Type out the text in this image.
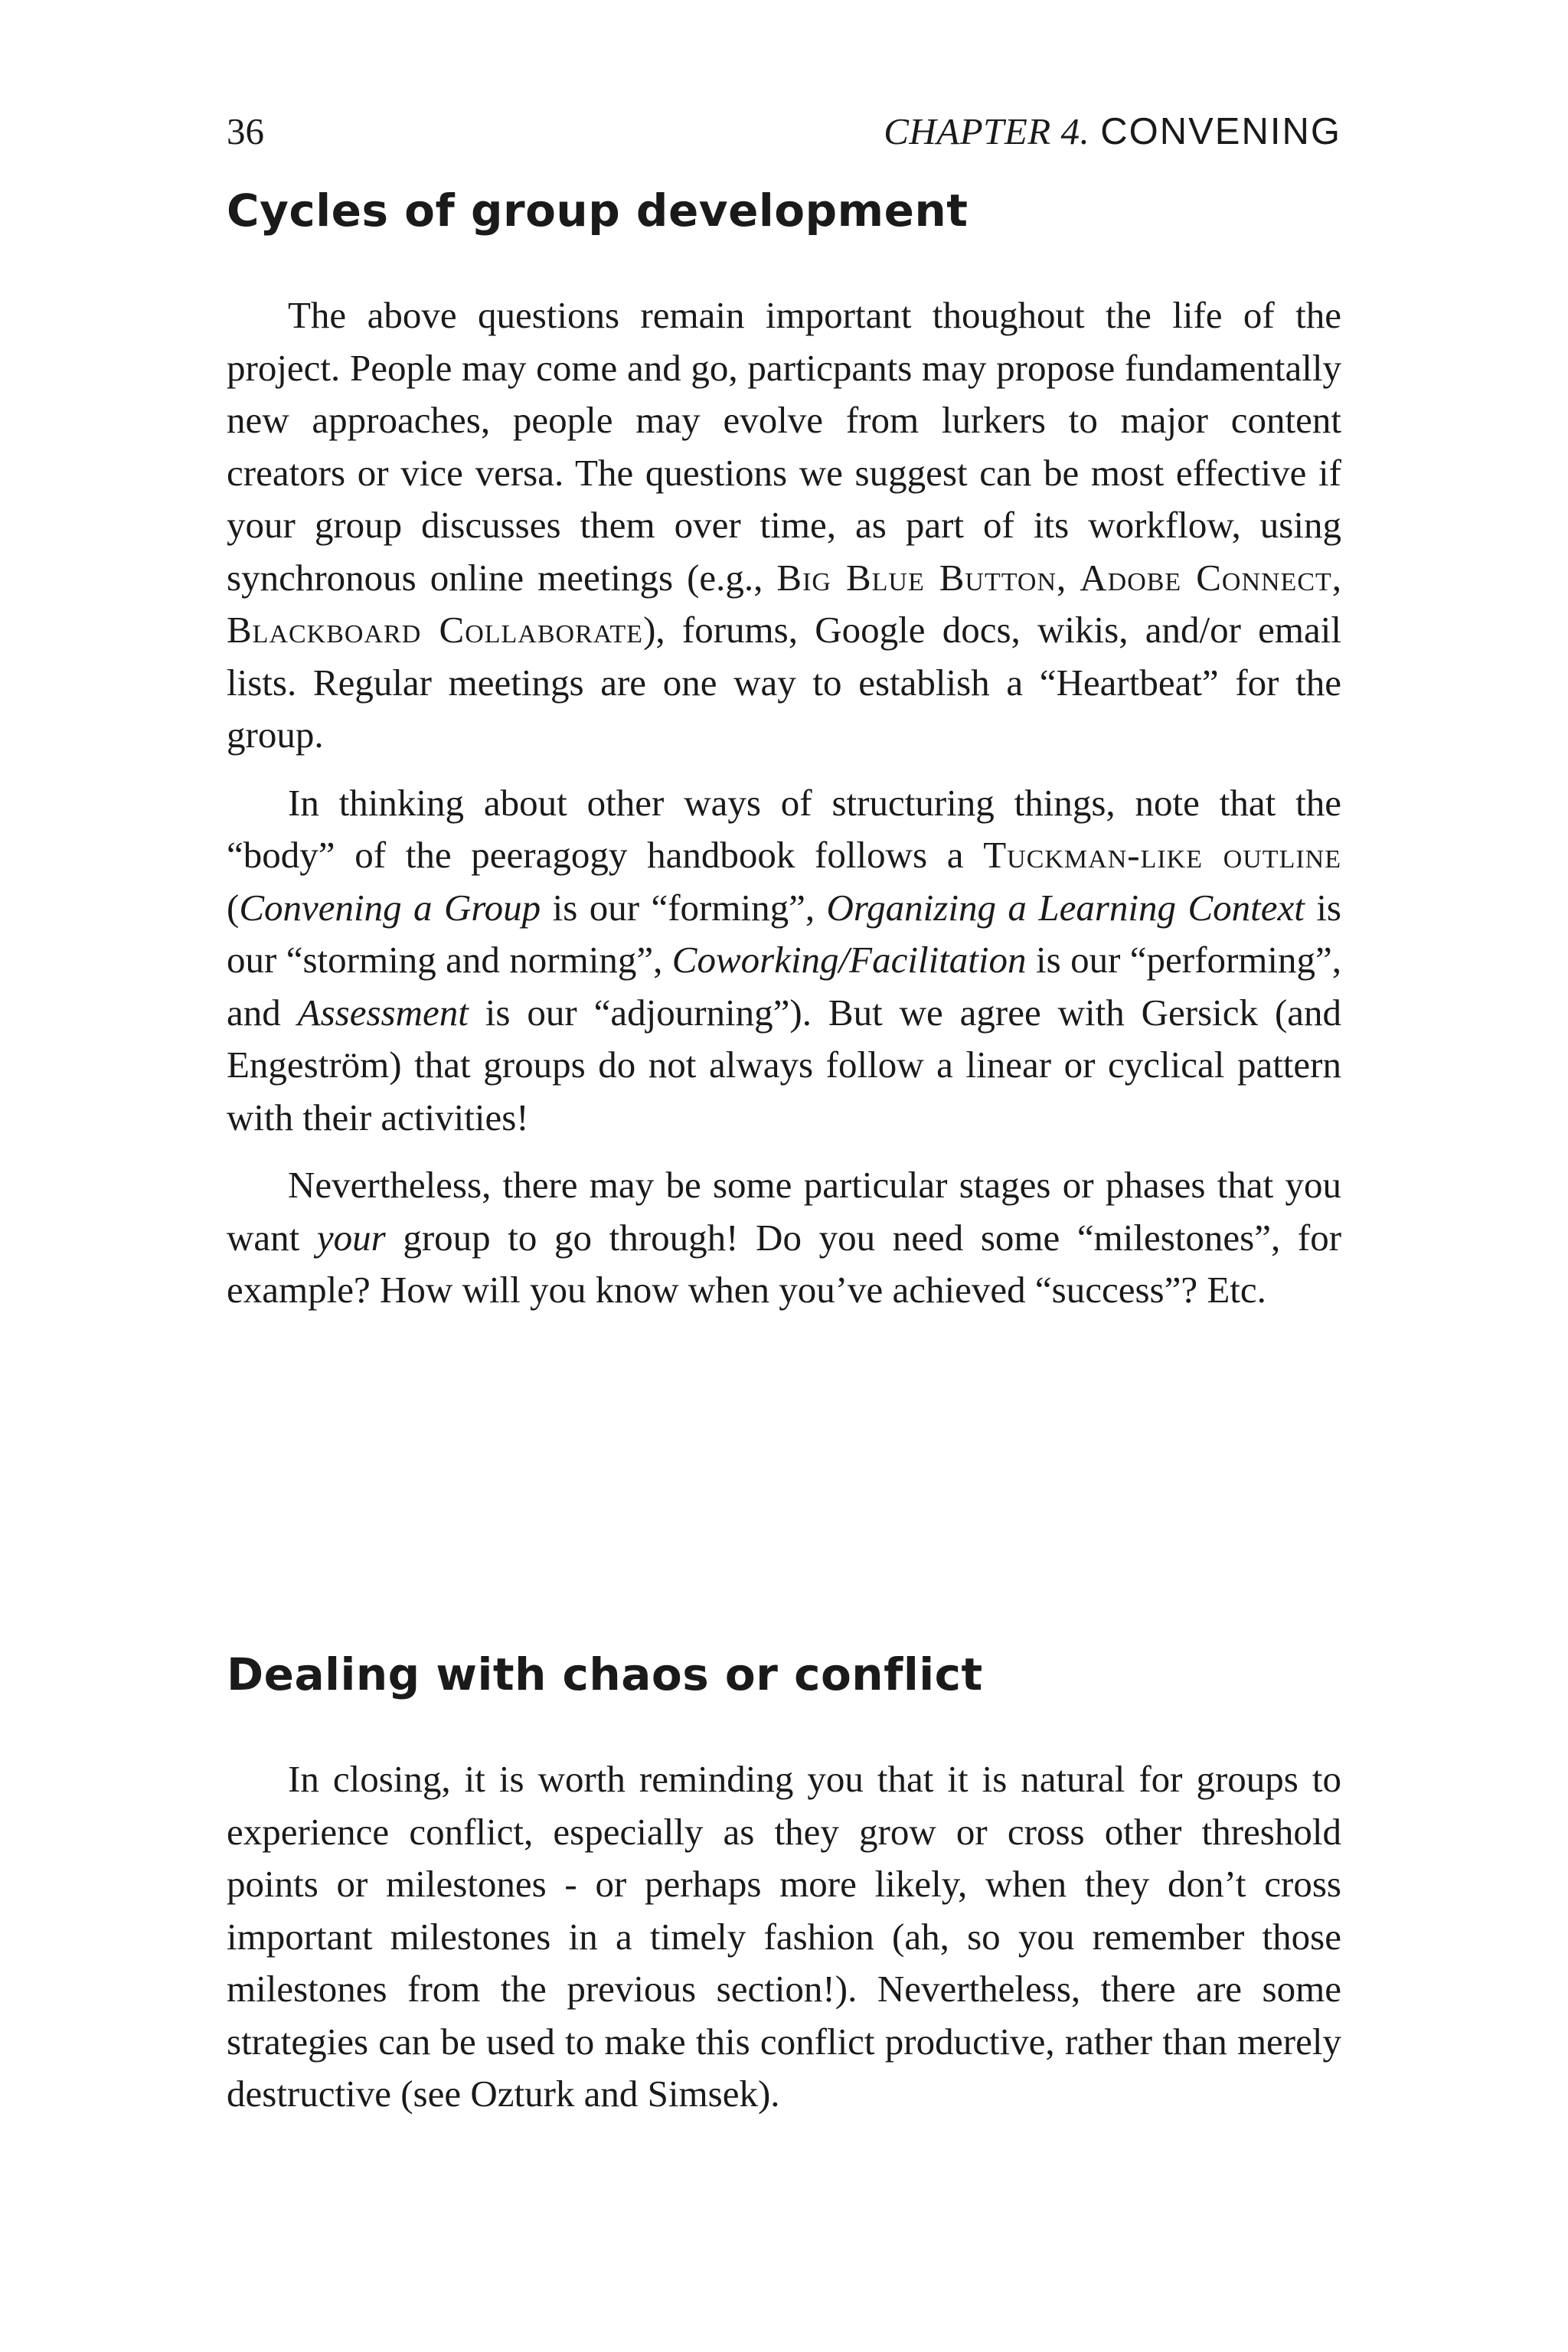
36	CHAPTER 4. CONVENING
Cycles of group development

The above questions remain important thoughout the life of the project. People may come and go, particpants may propose fundamentally new approaches, people may evolve from lurkers to major content creators or vice versa. The questions we suggest can be most effective if your group discusses them over time, as part of its workflow, using synchronous online meetings (e.g., Big Blue Button, Adobe Connect, Blackboard Collaborate), forums, Google docs, wikis, and/or email lists. Regular meetings are one way to establish a “Heartbeat” for the group.

In thinking about other ways of structuring things, note that the “body” of the peeragogy handbook follows a Tuckman-like outline (Convening a Group is our “forming”, Organizing a Learning Context is our “storming and norming”, Coworking/Facilitation is our “performing”, and Assessment is our “adjourning”). But we agree with Gersick (and Engeström) that groups do not always follow a linear or cyclical pattern with their activities!

Nevertheless, there may be some particular stages or phases that you want your group to go through! Do you need some “milestones”, for example? How will you know when you’ve achieved “success”? Etc.

Dealing with chaos or conflict

In closing, it is worth reminding you that it is natural for groups to experience conflict, especially as they grow or cross other threshold points or milestones - or perhaps more likely, when they don’t cross important milestones in a timely fashion (ah, so you remember those milestones from the previous section!). Nevertheless, there are some strategies can be used to make this conflict productive, rather than merely destructive (see Ozturk and Simsek).
